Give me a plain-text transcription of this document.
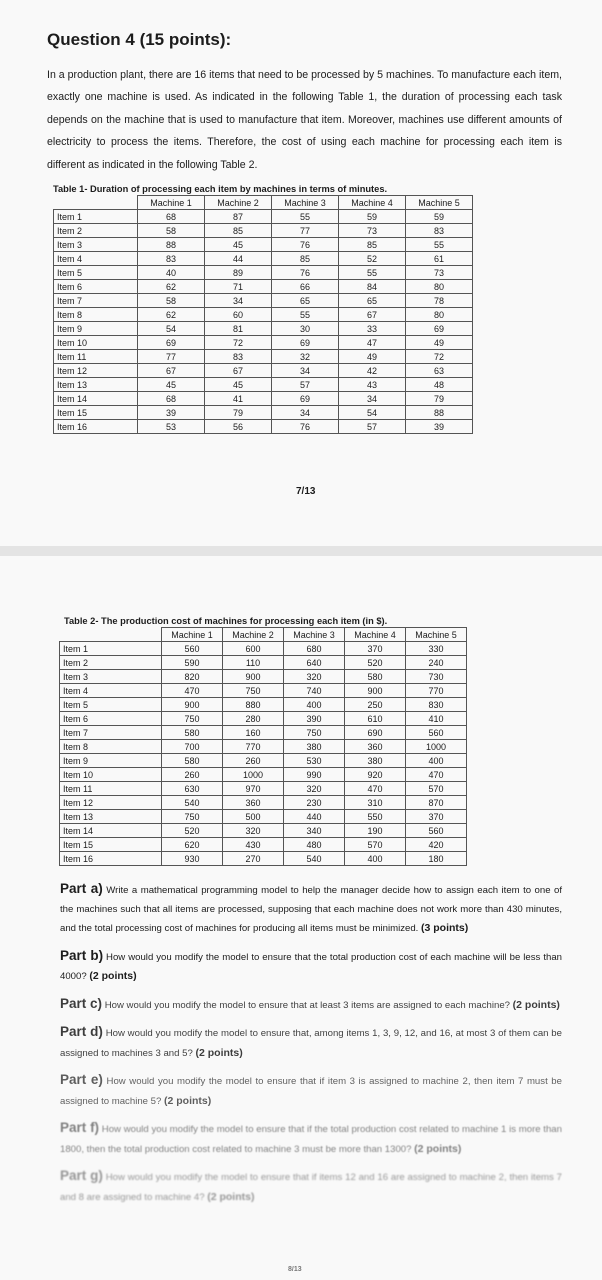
Question 4 (15 points):

In a production plant, there are 16 items that need to be processed by 5 machines. To manufacture each item, exactly one machine is used. As indicated in the following Table 1, the duration of processing each task depends on the machine that is used to manufacture that item. Moreover, machines use different amounts of electricity to process the items. Therefore, the cost of using each machine for processing each item is different as indicated in the following Table 2.

Table 1- Duration of processing each item by machines in terms of minutes.
	Machine 1	Machine 2	Machine 3	Machine 4	Machine 5
Item 1	68	87	55	59	59
Item 2	58	85	77	73	83
Item 3	88	45	76	85	55
Item 4	83	44	85	52	61
Item 5	40	89	76	55	73
Item 6	62	71	66	84	80
Item 7	58	34	65	65	78
Item 8	62	60	55	67	80
Item 9	54	81	30	33	69
Item 10	69	72	69	47	49
Item 11	77	83	32	49	72
Item 12	67	67	34	42	63
Item 13	45	45	57	43	48
Item 14	68	41	69	34	79
Item 15	39	79	34	54	88
Item 16	53	56	76	57	39
7/13
Table 2- The production cost of machines for processing each item (in $).
	Machine 1	Machine 2	Machine 3	Machine 4	Machine 5
Item 1	560	600	680	370	330
Item 2	590	110	640	520	240
Item 3	820	900	320	580	730
Item 4	470	750	740	900	770
Item 5	900	880	400	250	830
Item 6	750	280	390	610	410
Item 7	580	160	750	690	560
Item 8	700	770	380	360	1000
Item 9	580	260	530	380	400
Item 10	260	1000	990	920	470
Item 11	630	970	320	470	570
Item 12	540	360	230	310	870
Item 13	750	500	440	550	370
Item 14	520	320	340	190	560
Item 15	620	430	480	570	420
Item 16	930	270	540	400	180

Part a) Write a mathematical programming model to help the manager decide how to assign each item to one of the machines such that all items are processed, supposing that each machine does not work more than 430 minutes, and the total processing cost of machines for producing all items must be minimized. (3 points)

Part b) How would you modify the model to ensure that the total production cost of each machine will be less than 4000? (2 points)

Part c) How would you modify the model to ensure that at least 3 items are assigned to each machine? (2 points)

Part d) How would you modify the model to ensure that, among items 1, 3, 9, 12, and 16, at most 3 of them can be assigned to machines 3 and 5? (2 points)

Part e) How would you modify the model to ensure that if item 3 is assigned to machine 2, then item 7 must be assigned to machine 5? (2 points)

Part f) How would you modify the model to ensure that if the total production cost related to machine 1 is more than 1800, then the total production cost related to machine 3 must be more than 1300? (2 points)

Part g) How would you modify the model to ensure that if items 12 and 16 are assigned to machine 2, then items 7 and 8 are assigned to machine 4? (2 points)

8/13
